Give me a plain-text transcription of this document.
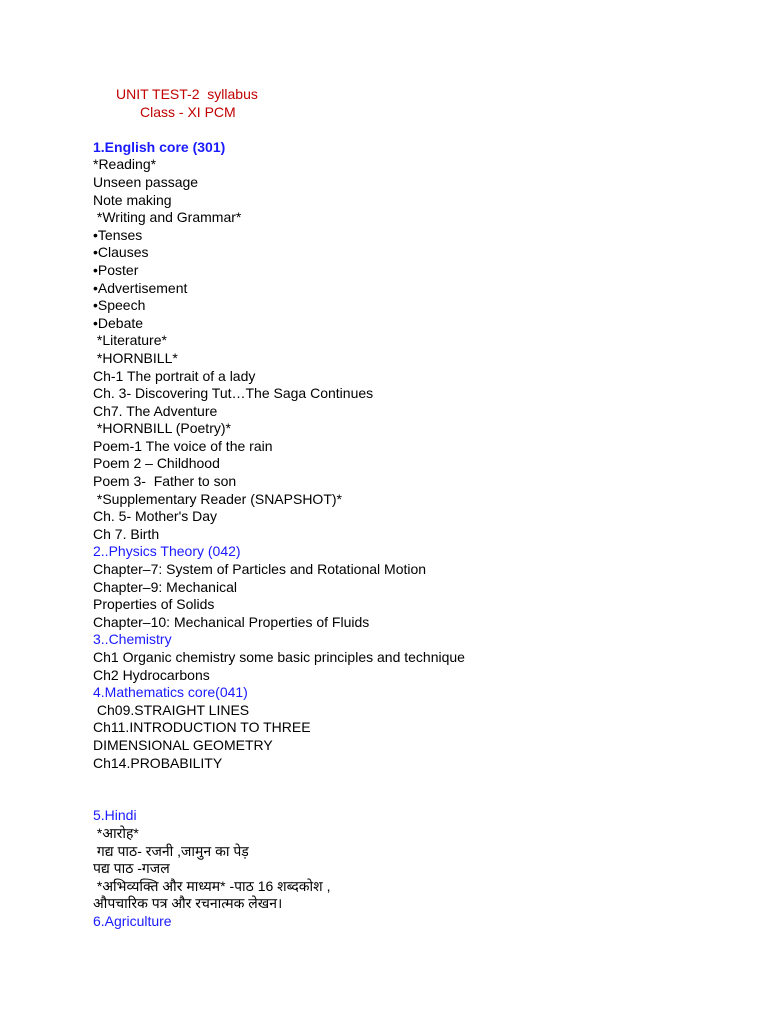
UNIT TEST-2  syllabus
Class - XI PCM
1.English core (301)
*Reading*
Unseen passage
Note making
*Writing and Grammar*
•Tenses
•Clauses
•Poster
•Advertisement
•Speech
•Debate
*Literature*
*HORNBILL*
Ch-1 The portrait of a lady
Ch. 3- Discovering Tut…The Saga Continues
Ch7. The Adventure
*HORNBILL (Poetry)*
Poem-1 The voice of the rain
Poem 2 – Childhood
Poem 3-  Father to son
*Supplementary Reader (SNAPSHOT)*
Ch. 5- Mother's Day
Ch 7. Birth
2..Physics Theory (042)
Chapter–7: System of Particles and Rotational Motion
Chapter–9: Mechanical
Properties of Solids
Chapter–10: Mechanical Properties of Fluids
3..Chemistry
Ch1 Organic chemistry some basic principles and technique
Ch2 Hydrocarbons
4.Mathematics core(041)
Ch09.STRAIGHT LINES
Ch11.INTRODUCTION TO THREE
DIMENSIONAL GEOMETRY
Ch14.PROBABILITY
5.Hindi
*आरोह*
गद्य पाठ- रजनी ,जामुन का पेड़
पद्य पाठ -गजल
*अभिव्यक्ति और माध्यम* -पाठ 16 शब्दकोश ,
औपचारिक पत्र और रचनात्मक लेखन।
6.Agriculture
